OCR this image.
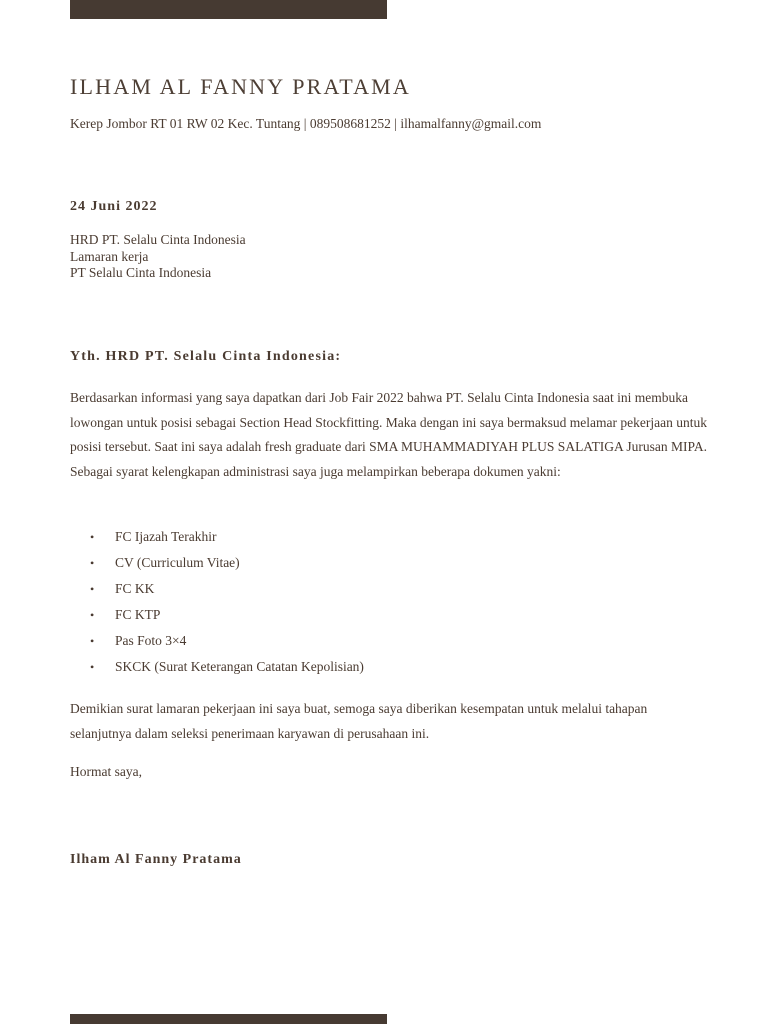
ILHAM AL FANNY PRATAMA
Kerep Jombor RT 01 RW 02 Kec. Tuntang | 089508681252 | ilhamalfanny@gmail.com
24 Juni 2022
HRD PT. Selalu Cinta Indonesia
Lamaran kerja
PT Selalu Cinta Indonesia
Yth. HRD PT. Selalu Cinta Indonesia:

Berdasarkan informasi yang saya dapatkan dari Job Fair 2022 bahwa PT. Selalu Cinta Indonesia saat ini membuka lowongan untuk posisi sebagai Section Head Stockfitting. Maka dengan ini saya bermaksud melamar pekerjaan untuk posisi tersebut. Saat ini saya adalah fresh graduate dari SMA MUHAMMADIYAH PLUS SALATIGA Jurusan MIPA. Sebagai syarat kelengkapan administrasi saya juga melampirkan beberapa dokumen yakni:

• FC Ijazah Terakhir
• CV (Curriculum Vitae)
• FC KK
• FC KTP
• Pas Foto 3×4
• SKCK (Surat Keterangan Catatan Kepolisian)

Demikian surat lamaran pekerjaan ini saya buat, semoga saya diberikan kesempatan untuk melalui tahapan selanjutnya dalam seleksi penerimaan karyawan di perusahaan ini.

Hormat saya,
Ilham Al Fanny Pratama
